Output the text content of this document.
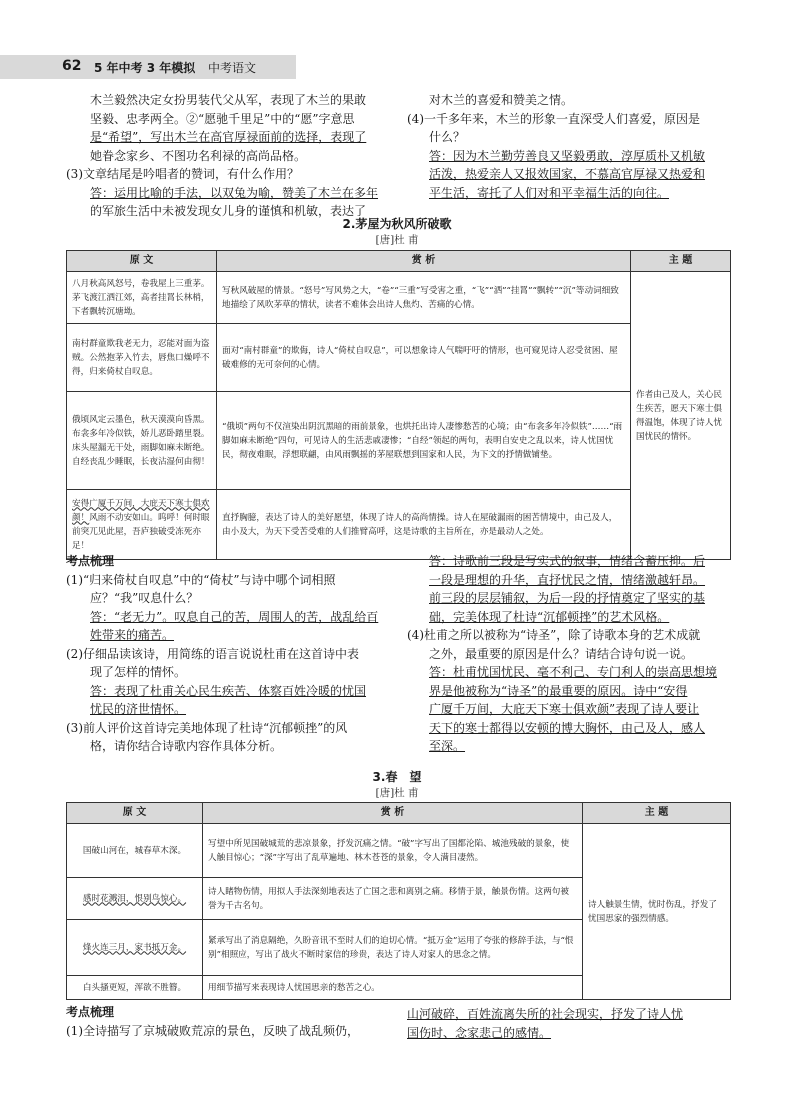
62 5 年中考 3 年模拟 中考语文

木兰毅然决定女扮男装代父从军，表现了木兰的果敢

坚毅、忠孝两全。②“愿驰千里足”中的“愿”字意思

是“希望”，写出木兰在高官厚禄面前的选择，表现了

她眷念家乡、不图功名利禄的高尚品格。

(3)文章结尾是吟唱者的赞词，有什么作用？

答：运用比喻的手法，以双兔为喻，赞美了木兰在多年

的军旅生活中未被发现女儿身的谨慎和机敏，表达了

对木兰的喜爱和赞美之情。

(4)一千多年来，木兰的形象一直深受人们喜爱，原因是

什么？

答：因为木兰勤劳善良又坚毅勇敢，淳厚质朴又机敏

活泼，热爱亲人又报效国家，不慕高官厚禄又热爱和

平生活，寄托了人们对和平幸福生活的向往。

2.茅屋为秋风所破歌
[唐]杜 甫
原 文	赏 析	主 题
八月秋高风怒号，卷我屋上三重茅。茅飞渡江洒江郊，高者挂罥长林梢，下者飘转沉塘坳。	写秋风破屋的情景。“怒号”写风势之大，“卷”“三重”写受害之重，“飞”“洒”“挂罥”“飘转”“沉”等动词细致地描绘了风吹茅草的情状，读者不难体会出诗人焦灼、苦痛的心情。	作者由己及人，关心民生疾苦，愿天下寒士俱得温饱，体现了诗人忧国忧民的情怀。
南村群童欺我老无力，忍能对面为盗贼。公然抱茅入竹去，唇焦口燥呼不得，归来倚杖自叹息。	面对“南村群童”的欺侮，诗人“倚杖自叹息”，可以想象诗人气喘吁吁的情形，也可窥见诗人忍受贫困、屋破难修的无可奈何的心情。	
俄顷风定云墨色，秋天漠漠向昏黑。布衾多年冷似铁，娇儿恶卧踏里裂。床头屋漏无干处，雨脚如麻未断绝。自经丧乱少睡眠，长夜沾湿何由彻！	“俄顷”两句不仅渲染出阴沉黑暗的雨前景象，也烘托出诗人凄惨愁苦的心境；由“布衾多年冷似铁”……“雨脚如麻未断绝”四句，可见诗人的生活悲戚凄惨；“自经”领起的两句，表明自安史之乱以来，诗人忧国忧民，彻夜难眠，浮想联翩，由风雨飘摇的茅屋联想到国家和人民，为下文的抒情做铺垫。	
安得广厦千万间，大庇天下寒士俱欢颜！风雨不动安如山。呜呼！何时眼前突兀见此屋，吾庐独破受冻死亦足！	直抒胸臆，表达了诗人的美好愿望，体现了诗人的高尚情操。诗人在屋破漏雨的困苦情境中，由己及人，由小及大，为天下受苦受难的人们推臂高呼，这是诗歌的主旨所在，亦是最动人之处。	

考点梳理

(1)“归来倚杖自叹息”中的“倚杖”与诗中哪个词相照

应？“我”叹息什么？

答：“老无力”。叹息自己的苦，周围人的苦，战乱给百

姓带来的痛苦。

(2)仔细品读该诗，用简练的语言说说杜甫在这首诗中表

现了怎样的情怀。

答：表现了杜甫关心民生疾苦、体察百姓冷暖的忧国

忧民的济世情怀。

(3)前人评价这首诗完美地体现了杜诗“沉郁顿挫”的风

格，请你结合诗歌内容作具体分析。

答：诗歌前三段是写实式的叙事，情绪含蓄压抑。后

一段是理想的升华，直抒忧民之情，情绪激越轩昂。

前三段的层层铺叙，为后一段的抒情奠定了坚实的基

础，完美体现了杜诗“沉郁顿挫”的艺术风格。

(4)杜甫之所以被称为“诗圣”，除了诗歌本身的艺术成就

之外，最重要的原因是什么？请结合诗句说一说。

答：杜甫忧国忧民、毫不利己、专门利人的崇高思想境

界是他被称为“诗圣”的最重要的原因。诗中“安得

广厦千万间，大庇天下寒士俱欢颜”表现了诗人要让

天下的寒士都得以安顿的博大胸怀，由己及人，感人

至深。

3.春　望
[唐]杜 甫
原 文	赏 析	主 题
国破山河在，城春草木深。	写望中所见国破城荒的悲凉景象，抒发沉痛之情。“破”字写出了国都沦陷、城池残破的景象，使人触目惊心；“深”字写出了乱草遍地、林木苍苍的景象，令人满目凄然。	诗人触景生情，忧时伤乱，抒发了忧国思家的强烈情感。
感时花溅泪，恨别鸟惊心。	诗人睹物伤情，用拟人手法深刻地表达了亡国之悲和离别之痛。移情于景，触景伤情。这两句被誉为千古名句。	
烽火连三月，家书抵万金。	紧承写出了消息隔绝，久盼音讯不至时人们的迫切心情。“抵万金”运用了夸张的修辞手法，与“恨别”相照应，写出了战火不断时家信的珍贵，表达了诗人对家人的思念之情。	
白头搔更短，浑欲不胜簪。	用细节描写来表现诗人忧国思亲的愁苦之心。	

考点梳理

(1)全诗描写了京城破败荒凉的景色，反映了战乱频仍，

山河破碎，百姓流离失所的社会现实，抒发了诗人忧

国伤时、念家悲己的感情。
